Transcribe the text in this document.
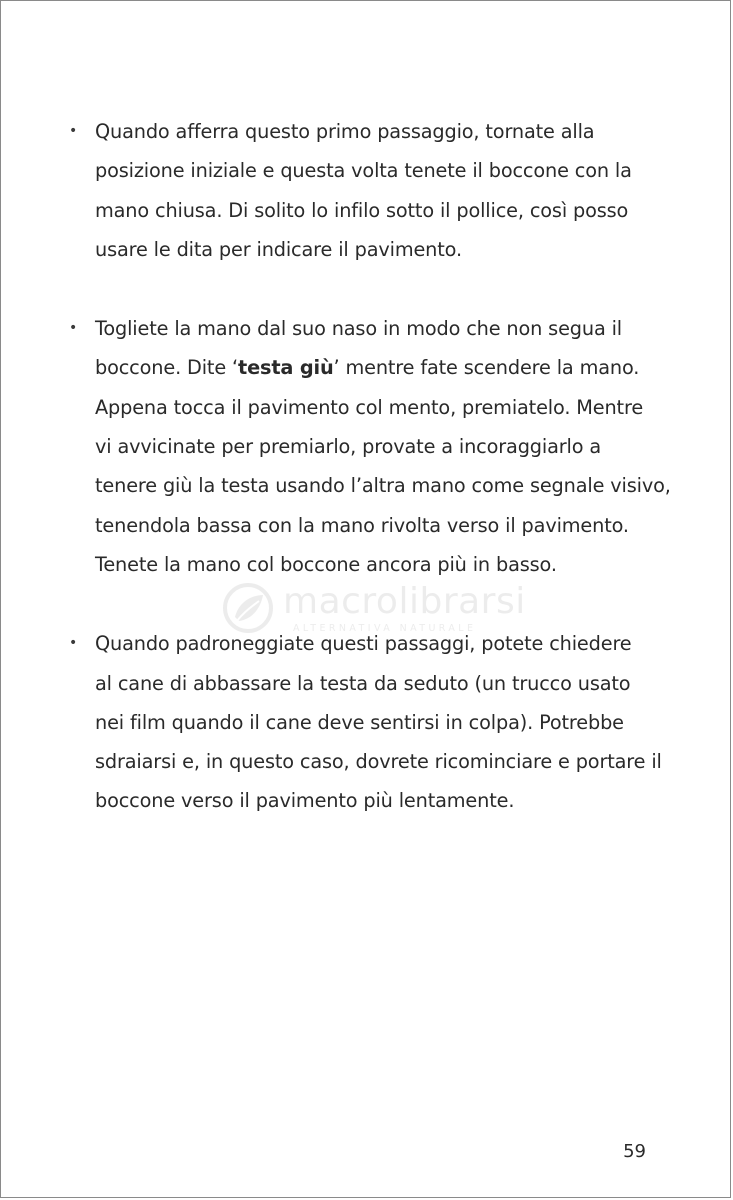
• Quando afferra questo primo passaggio, tornate alla
posizione iniziale e questa volta tenete il boccone con la
mano chiusa. Di solito lo infilo sotto il pollice, così posso
usare le dita per indicare il pavimento.
• Togliete la mano dal suo naso in modo che non segua il
boccone. Dite ‘testa giù’ mentre fate scendere la mano.
Appena tocca il pavimento col mento, premiatelo. Mentre
vi avvicinate per premiarlo, provate a incoraggiarlo a
tenere giù la testa usando l’altra mano come segnale visivo,
tenendola bassa con la mano rivolta verso il pavimento.
Tenete la mano col boccone ancora più in basso.
• Quando padroneggiate questi passaggi, potete chiedere
al cane di abbassare la testa da seduto (un trucco usato
nei film quando il cane deve sentirsi in colpa). Potrebbe
sdraiarsi e, in questo caso, dovrete ricominciare e portare il
boccone verso il pavimento più lentamente.
macrolibrarsi
ALTERNATIVA NATURALE
59
